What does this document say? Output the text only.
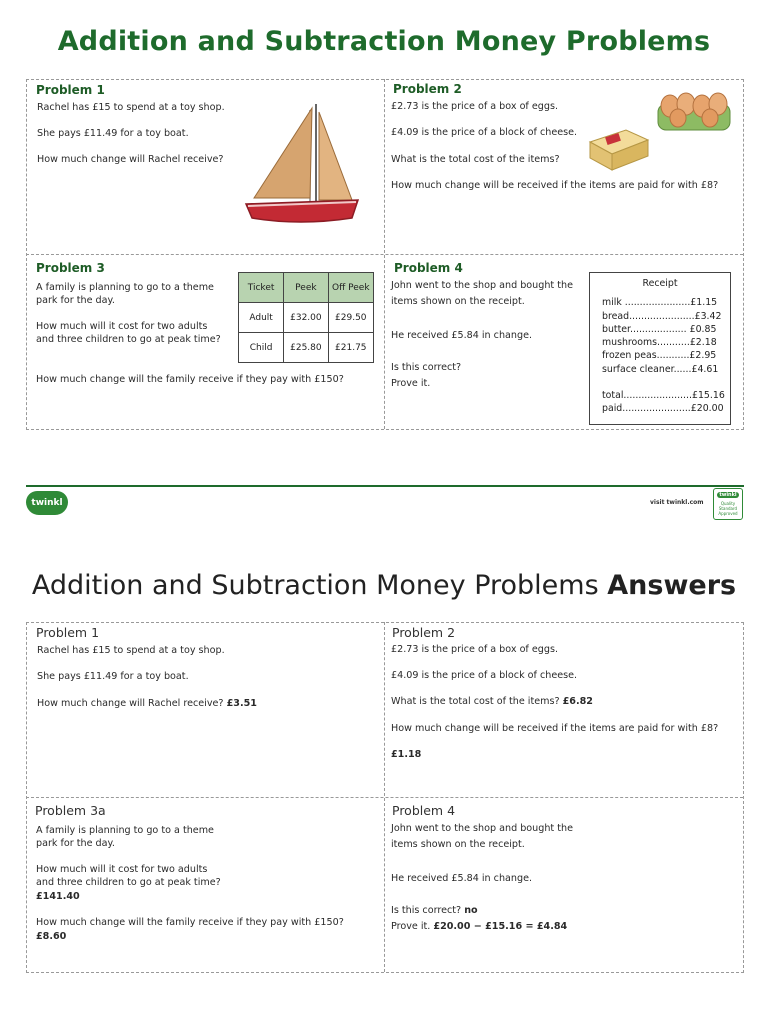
Addition and Subtraction Money Problems
Problem 1
Rachel has £15 to spend at a toy shop.
She pays £11.49 for a toy boat.
How much change will Rachel receive?
Problem 2
£2.73 is the price of a box of eggs.
£4.09 is the price of a block of cheese.
What is the total cost of the items?
How much change will be received if the items are paid for with £8?
Problem 3
A family is planning to go to a theme
park for the day.
How much will it cost for two adults
and three children to go at peak time?
How much change will the family receive if they pay with £150?
Ticket	Peek	Off Peek
Adult	£32.00	£29.50
Child	£25.80	£21.75
Problem 4
John went to the shop and bought the
items shown on the receipt.
He received £5.84 in change.
Is this correct?
Prove it.
Receipt
milk ......................£1.15
bread......................£3.42
butter................... £0.85
mushrooms...........£2.18
frozen peas...........£2.95
surface cleaner......£4.61
total.......................£15.16
paid.......................£20.00
twinkl	visit twinkl.com
twinkl
Quality Standard Approved
Addition and Subtraction Money Problems Answers
Problem 1
Rachel has £15 to spend at a toy shop.
She pays £11.49 for a toy boat.
How much change will Rachel receive? £3.51
Problem 2
£2.73 is the price of a box of eggs.
£4.09 is the price of a block of cheese.
What is the total cost of the items? £6.82
How much change will be received if the items are paid for with £8?
£1.18
Problem 3a
A family is planning to go to a theme
park for the day.
How much will it cost for two adults
and three children to go at peak time?
£141.40
How much change will the family receive if they pay with £150?
£8.60
Problem 4
John went to the shop and bought the
items shown on the receipt.
He received £5.84 in change.
Is this correct? no
Prove it. £20.00 − £15.16 = £4.84
